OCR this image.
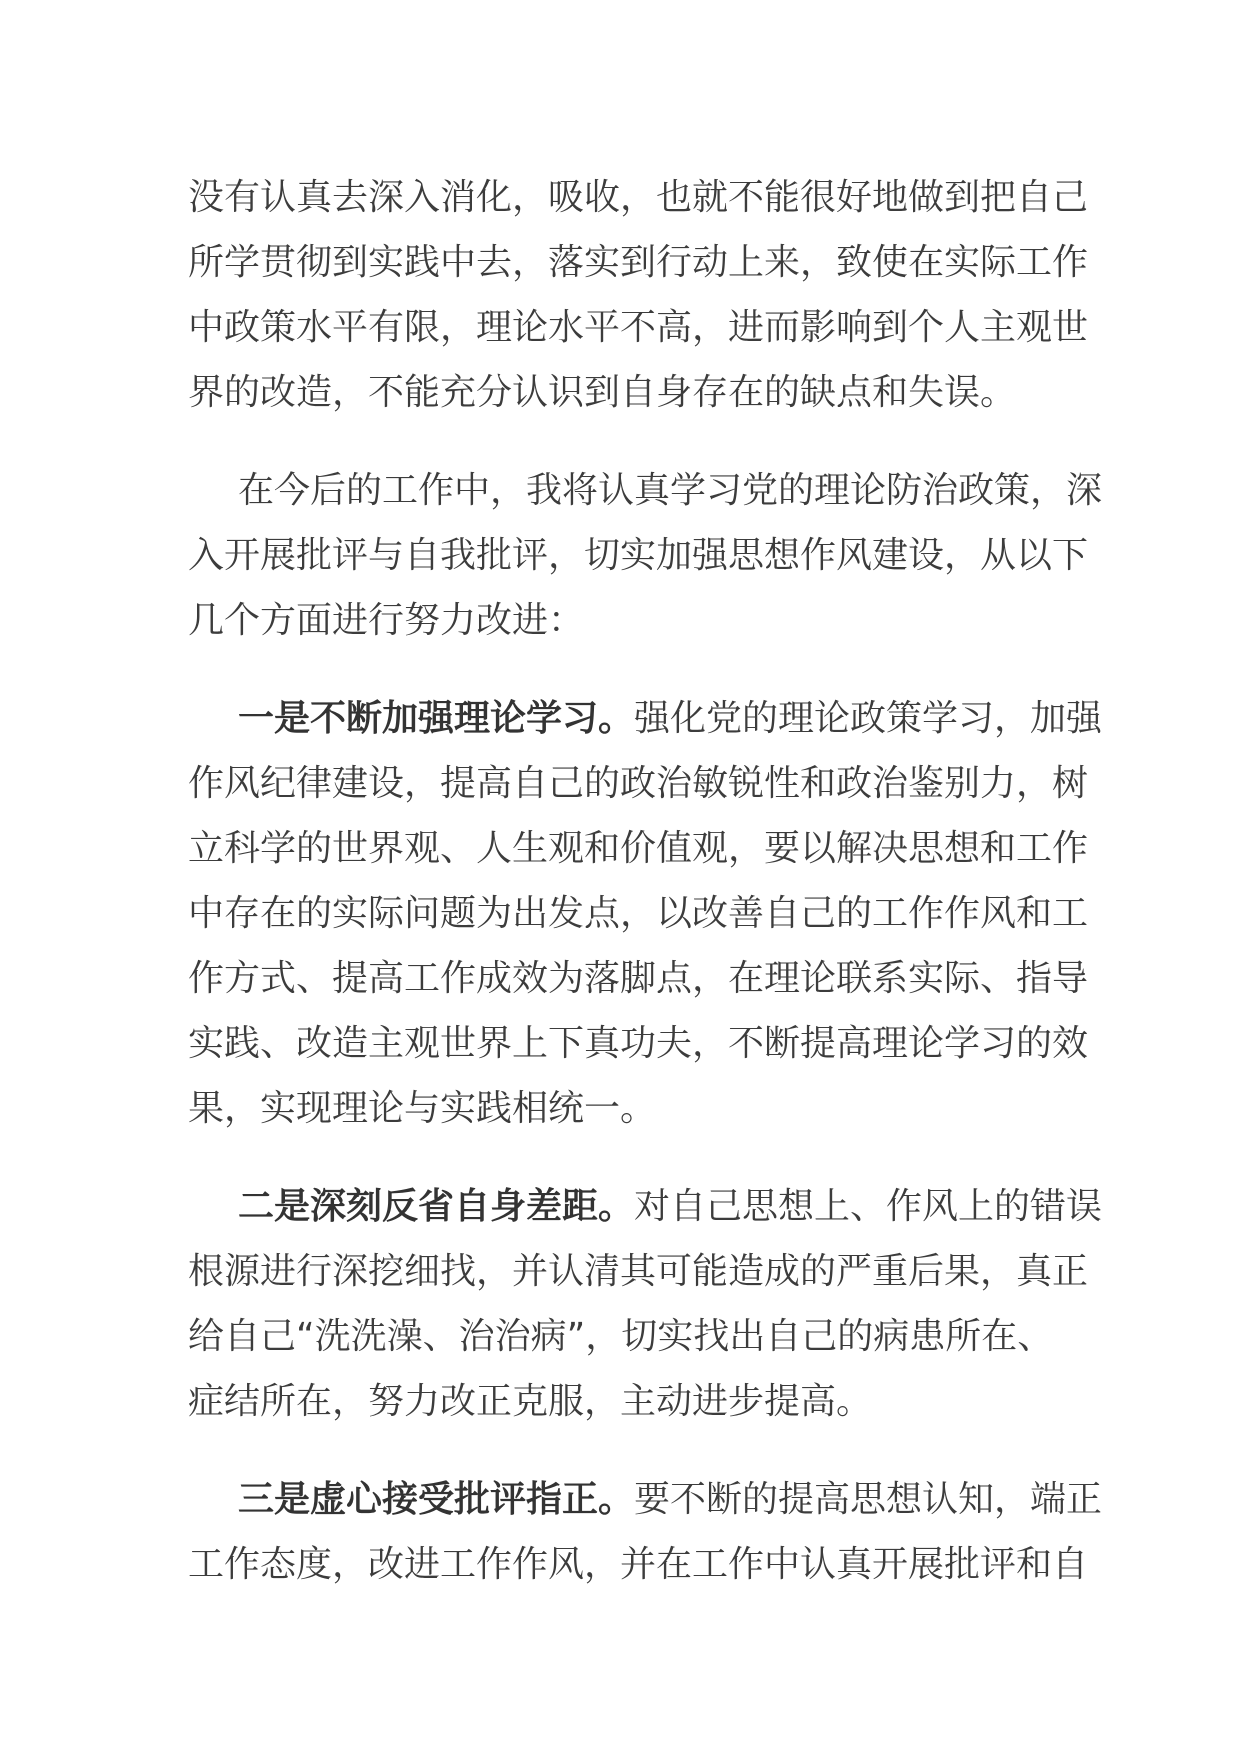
没有认真去深入消化，吸收，也就不能很好地做到把自己
所学贯彻到实践中去，落实到行动上来，致使在实际工作
中政策水平有限，理论水平不高，进而影响到个人主观世
界的改造，不能充分认识到自身存在的缺点和失误。
在今后的工作中，我将认真学习党的理论防治政策，深
入开展批评与自我批评，切实加强思想作风建设，从以下
几个方面进行努力改进：
一是不断加强理论学习。强化党的理论政策学习，加强
作风纪律建设，提高自己的政治敏锐性和政治鉴别力，树
立科学的世界观、人生观和价值观，要以解决思想和工作
中存在的实际问题为出发点，以改善自己的工作作风和工
作方式、提高工作成效为落脚点，在理论联系实际、指导
实践、改造主观世界上下真功夫，不断提高理论学习的效
果，实现理论与实践相统一。
二是深刻反省自身差距。对自己思想上、作风上的错误
根源进行深挖细找，并认清其可能造成的严重后果，真正
给自己“洗洗澡、治治病”，切实找出自己的病患所在、
症结所在，努力改正克服，主动进步提高。
三是虚心接受批评指正。要不断的提高思想认知，端正
工作态度，改进工作作风，并在工作中认真开展批评和自
